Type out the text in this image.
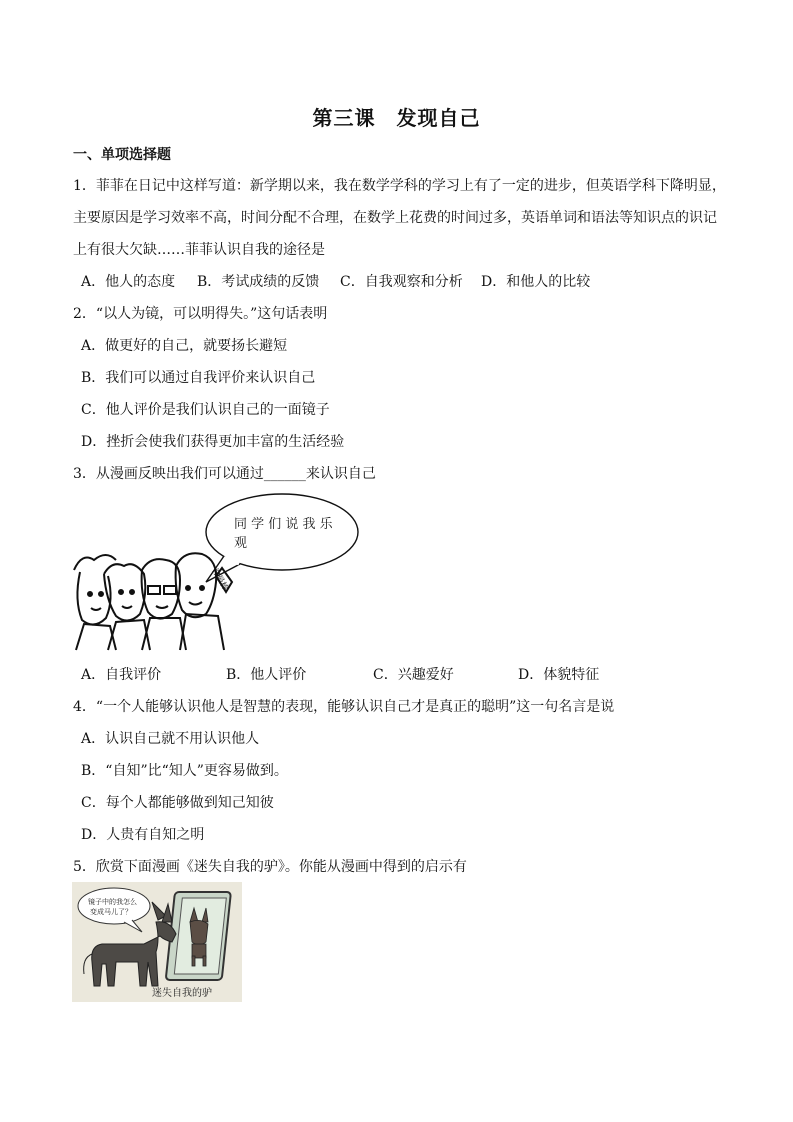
第三课　发现自己
一、单项选择题
1．菲菲在日记中这样写道：新学期以来，我在数学学科的学习上有了一定的进步，但英语学科下降明显，
主要原因是学习效率不高，时间分配不合理，在数学上花费的时间过多，英语单词和语法等知识点的识记
上有很大欠缺……菲菲认识自我的途径是
A．他人的态度 B．考试成绩的反馈 C．自我观察和分析 D．和他人的比较
2．“以人为镜，可以明得失。”这句话表明
A．做更好的自己，就要扬长避短
B．我们可以通过自我评价来认识自己
C．他人评价是我们认识自己的一面镜子
D．挫折会使我们获得更加丰富的生活经验
3．从漫画反映出我们可以通过______来认识自己
同 学 们 说 我 乐
观
你最棒
A．自我评价	B．他人评价	C．兴趣爱好	D．体貌特征
4．“一个人能够认识他人是智慧的表现，能够认识自己才是真正的聪明”这一句名言是说
A．认识自己就不用认识他人
B．“自知”比“知人”更容易做到。
C．每个人都能够做到知己知彼
D．人贵有自知之明
5．欣赏下面漫画《迷失自我的驴》。你能从漫画中得到的启示有
镜子中的我怎么
变成马儿了？
迷失自我的驴
